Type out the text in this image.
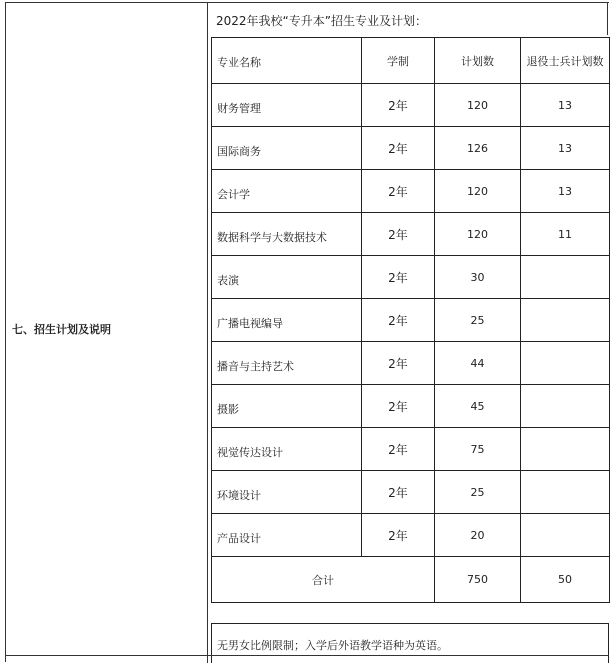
七、招生计划及说明
2022年我校“专升本”招生专业及计划：
专业名称	学制	计划数	退役士兵计划数
财务管理	2年	120	13
国际商务	2年	126	13
会计学	2年	120	13
数据科学与大数据技术	2年	120	11
表演	2年	30	
广播电视编导	2年	25	
播音与主持艺术	2年	44	
摄影	2年	45	
视觉传达设计	2年	75	
环境设计	2年	25	
产品设计	2年	20	
合计		750	50
无男女比例限制；入学后外语教学语种为英语。
